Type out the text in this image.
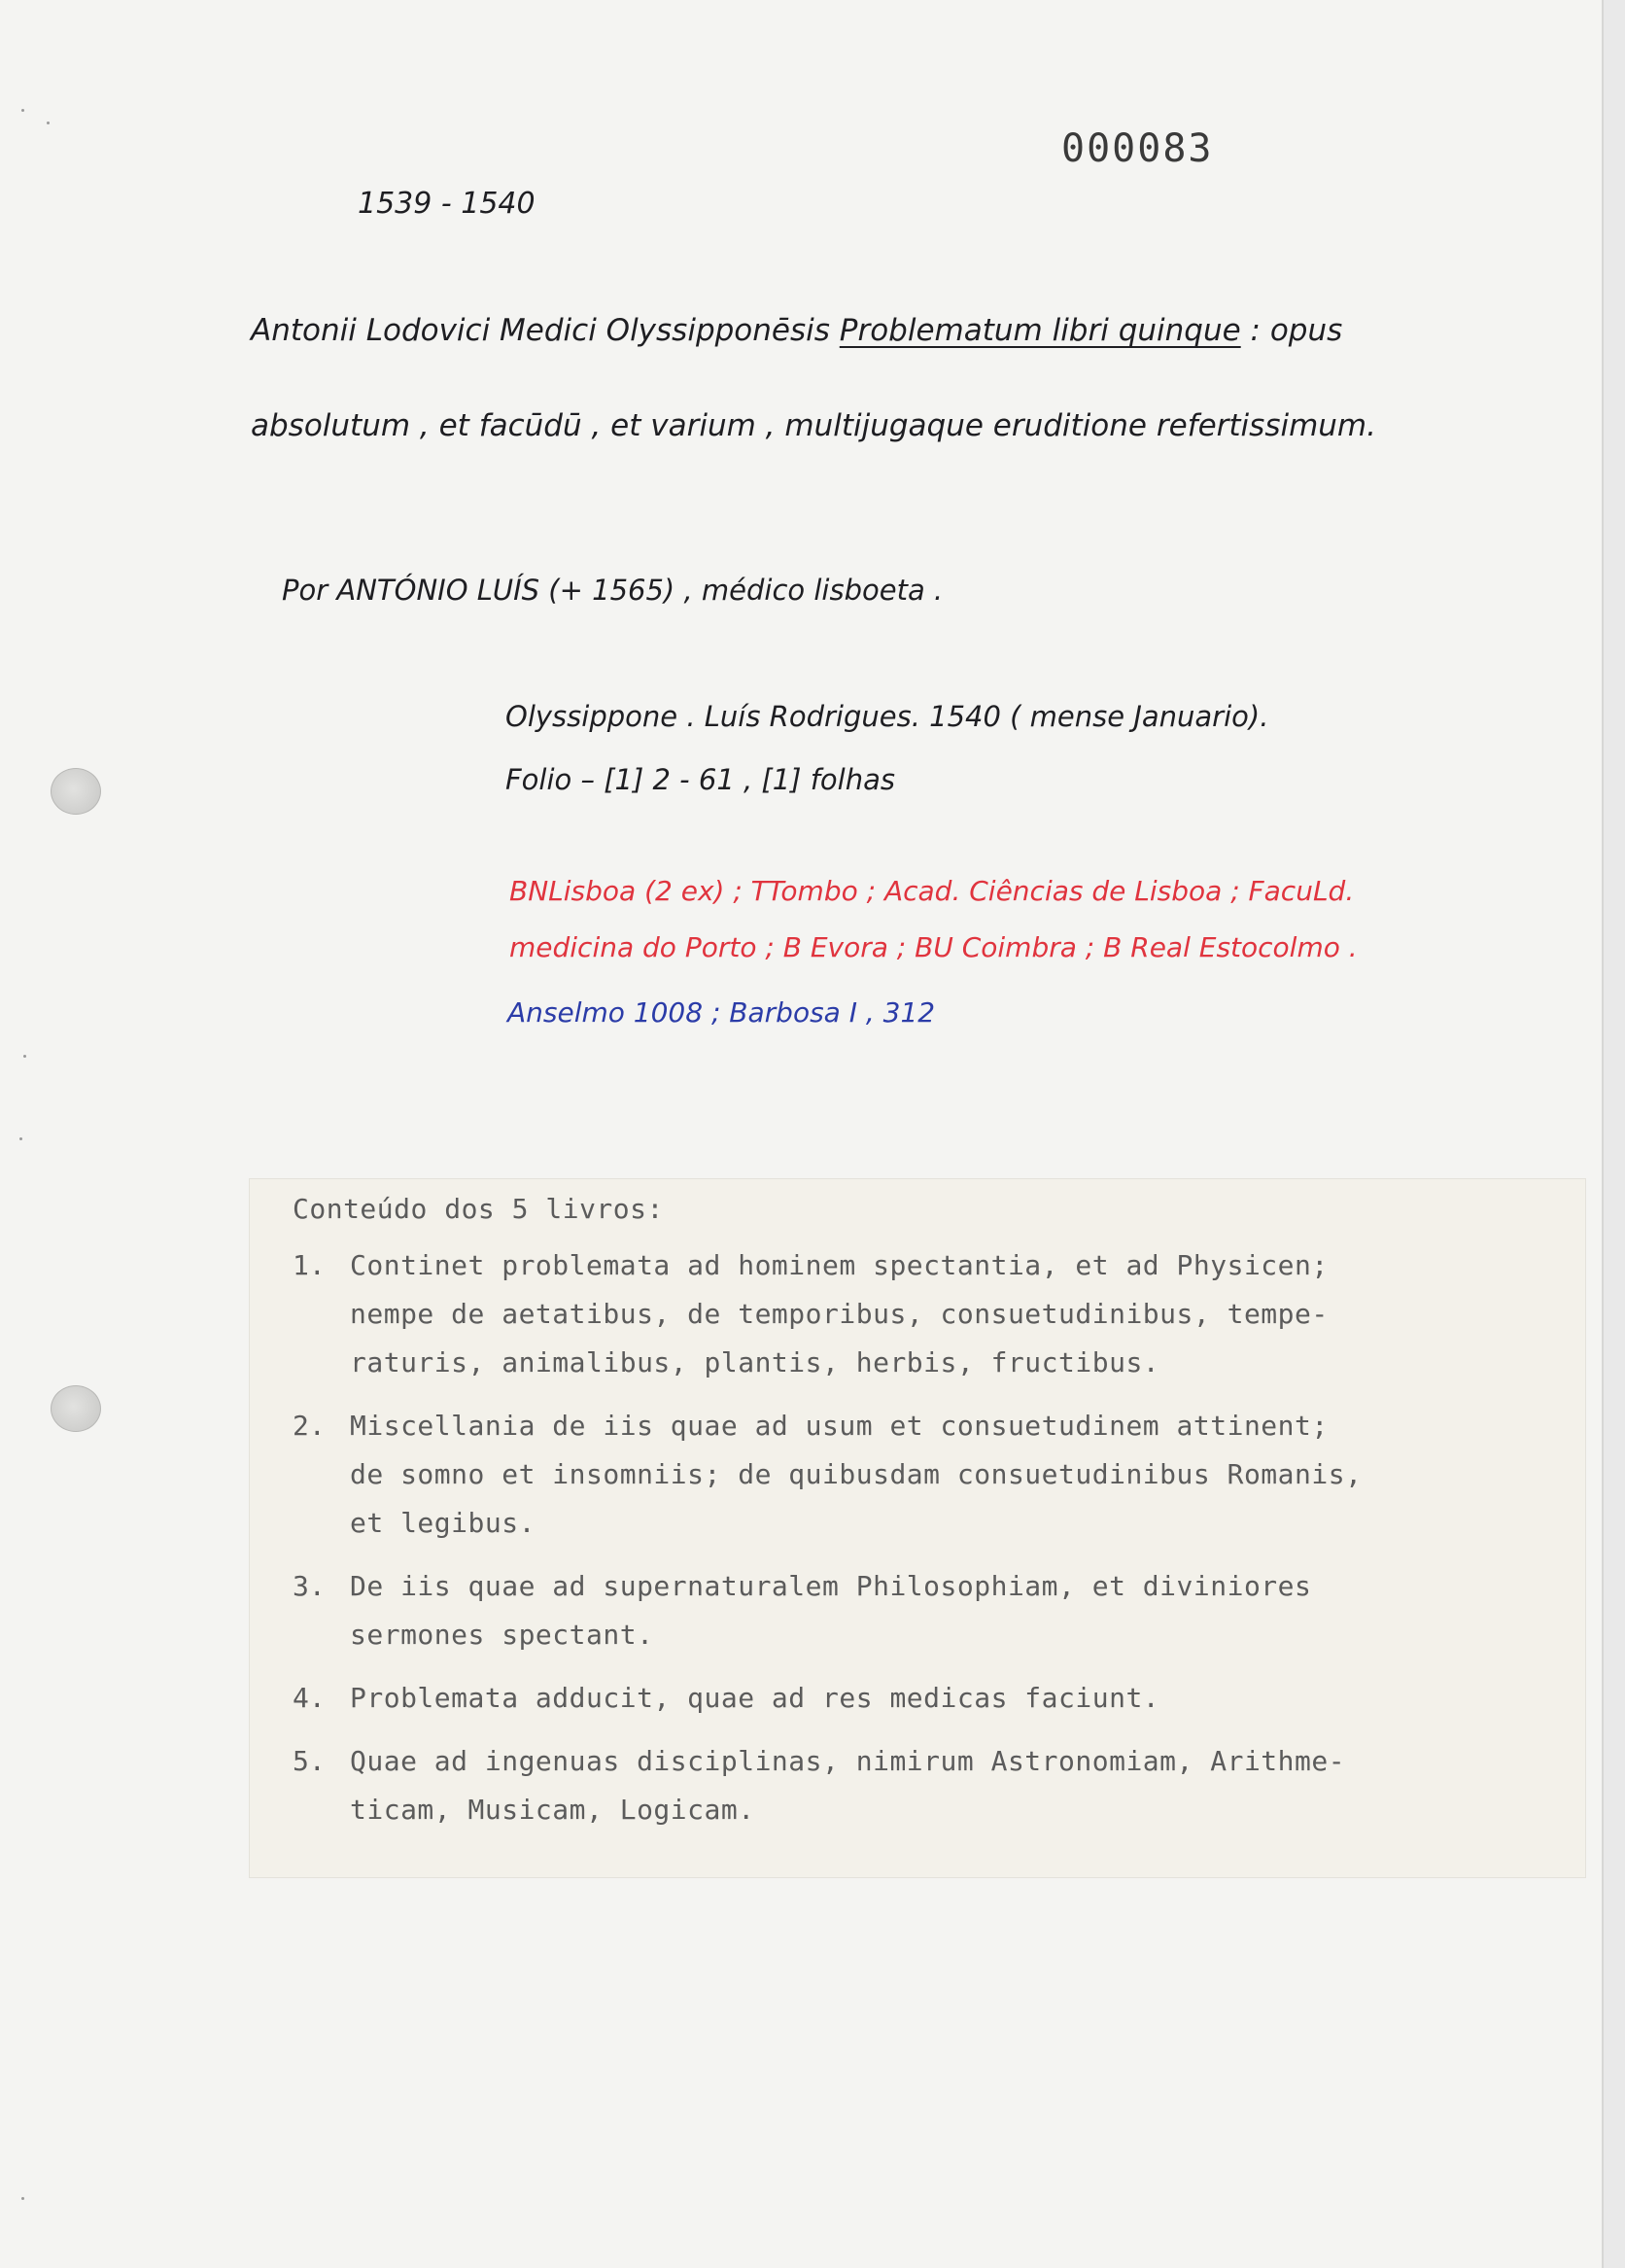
000083
1539 - 1540
Antonii Lodovici Medici Olyssipponēsis Problematum libri quinque : opus
absolutum , et facūdū , et varium , multijugaque eruditione refertissimum.
Por ANTÓNIO LUÍS (+ 1565) , médico lisboeta .
Olyssippone . Luís Rodrigues. 1540 ( mense Januario).
Folio – [1] 2 - 61 , [1] folhas
BNLisboa (2 ex) ; TTombo ; Acad. Ciências de Lisboa ; FacuLd.
medicina do Porto ; B Evora ; BU Coimbra ; B Real Estocolmo .
Anselmo 1008 ; Barbosa I , 312
Conteúdo dos 5 livros:
1. Continet problemata ad hominem spectantia, et ad Physicen;
nempe de aetatibus, de temporibus, consuetudinibus, tempe-
raturis, animalibus, plantis, herbis, fructibus.
2. Miscellania de iis quae ad usum et consuetudinem attinent;
de somno et insomniis; de quibusdam consuetudinibus Romanis,
et legibus.
3. De iis quae ad supernaturalem Philosophiam, et diviniores
sermones spectant.
4. Problemata adducit, quae ad res medicas faciunt.
5. Quae ad ingenuas disciplinas, nimirum Astronomiam, Arithme-
ticam, Musicam, Logicam.
